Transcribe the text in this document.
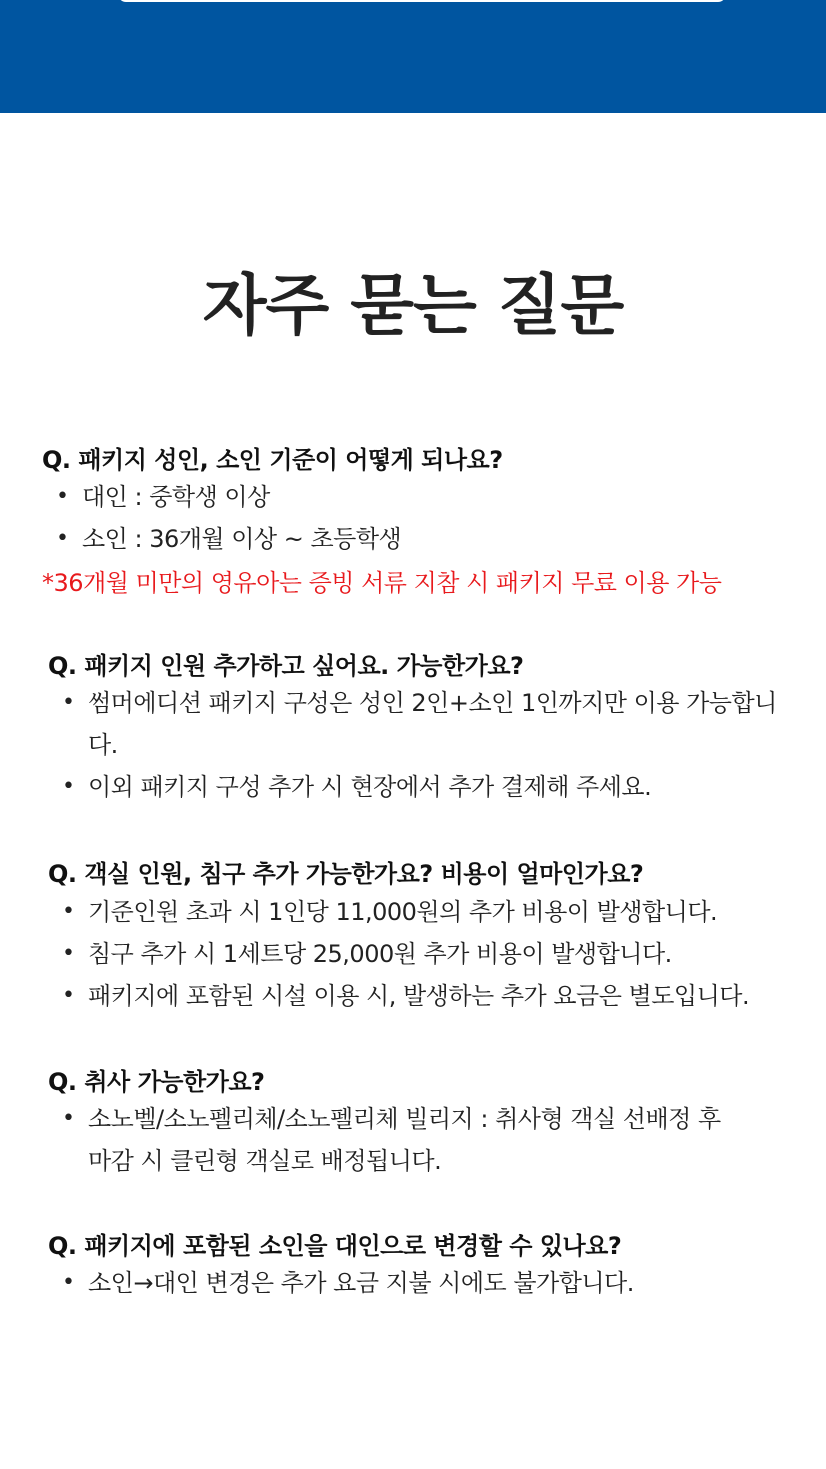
자주 묻는 질문
Q. 패키지 성인, 소인 기준이 어떻게 되나요?
• 대인 : 중학생 이상
• 소인 : 36개월 이상 ~ 초등학생
*36개월 미만의 영유아는 증빙 서류 지참 시 패키지 무료 이용 가능
Q. 패키지 인원 추가하고 싶어요. 가능한가요?
• 썸머에디션 패키지 구성은 성인 2인+소인 1인까지만 이용 가능합니다.
• 이외 패키지 구성 추가 시 현장에서 추가 결제해 주세요.
Q. 객실 인원, 침구 추가 가능한가요? 비용이 얼마인가요?
• 기준인원 초과 시 1인당 11,000원의 추가 비용이 발생합니다.
• 침구 추가 시 1세트당 25,000원 추가 비용이 발생합니다.
• 패키지에 포함된 시설 이용 시, 발생하는 추가 요금은 별도입니다.
Q. 취사 가능한가요?
• 소노벨/소노펠리체/소노펠리체 빌리지 : 취사형 객실 선배정 후 마감 시 클린형 객실로 배정됩니다.
Q. 패키지에 포함된 소인을 대인으로 변경할 수 있나요?
• 소인→대인 변경은 추가 요금 지불 시에도 불가합니다.
